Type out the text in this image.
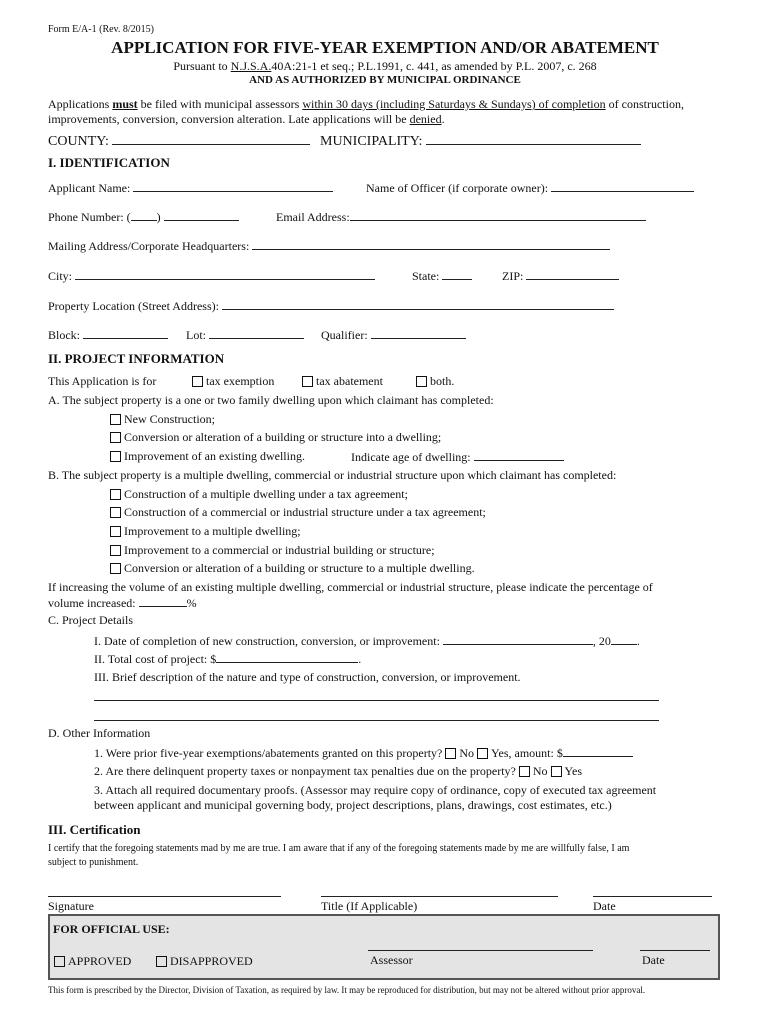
Form E/A-1 (Rev. 8/2015)
APPLICATION FOR FIVE-YEAR EXEMPTION AND/OR ABATEMENT
Pursuant to N.J.S.A.40A:21-1 et seq.; P.L.1991, c. 441, as amended by P.L. 2007, c. 268
AND AS AUTHORIZED BY MUNICIPAL ORDINANCE
Applications must be filed with municipal assessors within 30 days (including Saturdays & Sundays) of completion of construction,
improvements, conversion, conversion alteration. Late applications will be denied.
COUNTY:	MUNICIPALITY:
I. IDENTIFICATION
Applicant Name:	Name of Officer (if corporate owner):
Phone Number: ( )	Email Address:
Mailing Address/Corporate Headquarters:
City:	State:	ZIP:
Property Location (Street Address):
Block:	Lot:	Qualifier:
II. PROJECT INFORMATION
This Application is for	tax exemption	tax abatement	both.
A. The subject property is a one or two family dwelling upon which claimant has completed:
New Construction;
Conversion or alteration of a building or structure into a dwelling;
Improvement of an existing dwelling.	Indicate age of dwelling:
B. The subject property is a multiple dwelling, commercial or industrial structure upon which claimant has completed:
Construction of a multiple dwelling under a tax agreement;
Construction of a commercial or industrial structure under a tax agreement;
Improvement to a multiple dwelling;
Improvement to a commercial or industrial building or structure;
Conversion or alteration of a building or structure to a multiple dwelling.
If increasing the volume of an existing multiple dwelling, commercial or industrial structure, please indicate the percentage of
volume increased:	%
C. Project Details
I. Date of completion of new construction, conversion, or improvement:	, 20 .
II. Total cost of project: $	.
III. Brief description of the nature and type of construction, conversion, or improvement.
D. Other Information
1. Were prior five-year exemptions/abatements granted on this property? No Yes, amount: $
2. Are there delinquent property taxes or nonpayment tax penalties due on the property? No Yes
3. Attach all required documentary proofs. (Assessor may require copy of ordinance, copy of executed tax agreement
between applicant and municipal governing body, project descriptions, plans, drawings, cost estimates, etc.)
III. Certification
I certify that the foregoing statements mad by me are true. I am aware that if any of the foregoing statements made by me are willfully false, I am
subject to punishment.
Signature	Title (If Applicable)	Date
FOR OFFICIAL USE:
APPROVED	DISAPPROVED	Assessor	Date
This form is prescribed by the Director, Division of Taxation, as required by law. It may be reproduced for distribution, but may not be altered without prior approval.
